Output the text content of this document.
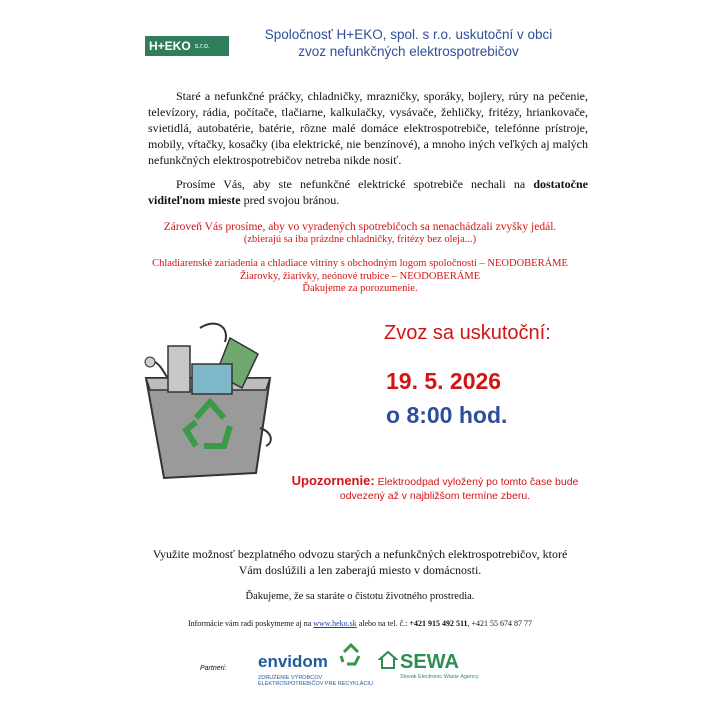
H+EKO s.r.o.
Spoločnosť H+EKO, spol. s r.o. uskutoční v obci
zvoz nefunkčných elektrospotrebičov
Staré a nefunkčné práčky, chladničky, mrazničky, sporáky, bojlery, rúry na pečenie, televízory, rádia, počítače, tlačiarne, kalkulačky, vysávače, žehličky, fritézy, hriankovače, svietidlá, autobatérie, batérie, rôzne malé domáce elektrospotrebiče, telefónne prístroje, mobily, vŕtačky, kosačky (iba elektrické, nie benzínové), a mnoho iných veľkých aj malých nefunkčných elektrospotrebičov netreba nikde nosiť.
Prosíme Vás, aby ste nefunkčné elektrické spotrebiče nechali na dostatočne viditeľnom mieste pred svojou bránou.
Zároveň Vás prosíme, aby vo vyradených spotrebičoch sa nenachádzali zvyšky jedál.
(zbierajú sa iba prázdne chladničky, fritézy bez oleja...)
Chladiarenské zariadenia a chladiace vitríny s obchodným logom spoločností – NEODOBERÁME
Žiarovky, žiarivky, neónové trubice – NEODOBERÁME
Ďakujeme za porozumenie.
Zvoz sa uskutoční:
19. 5. 2026
o 8:00 hod.
Upozornenie: Elektroodpad vyložený po tomto čase bude odvezený až v najbližšom termíne zberu.
Využite možnosť bezplatného odvozu starých a nefunkčných elektrospotrebičov, ktoré Vám doslúžili a len zaberajú miesto v domácnosti.
Ďakujeme, že sa staráte o čistotu životného prostredia.
Informácie vám radi poskytneme aj na www.heko.sk alebo na tel. č.: +421 915 492 511, +421 55 674 87 77
Partneri: envidom
ZDRUŽENIE VÝROBCOV
ELEKTROSPOTREBIČOV PRE RECYKLÁCIU
SEWA
Slovak Electronic Waste Agency
